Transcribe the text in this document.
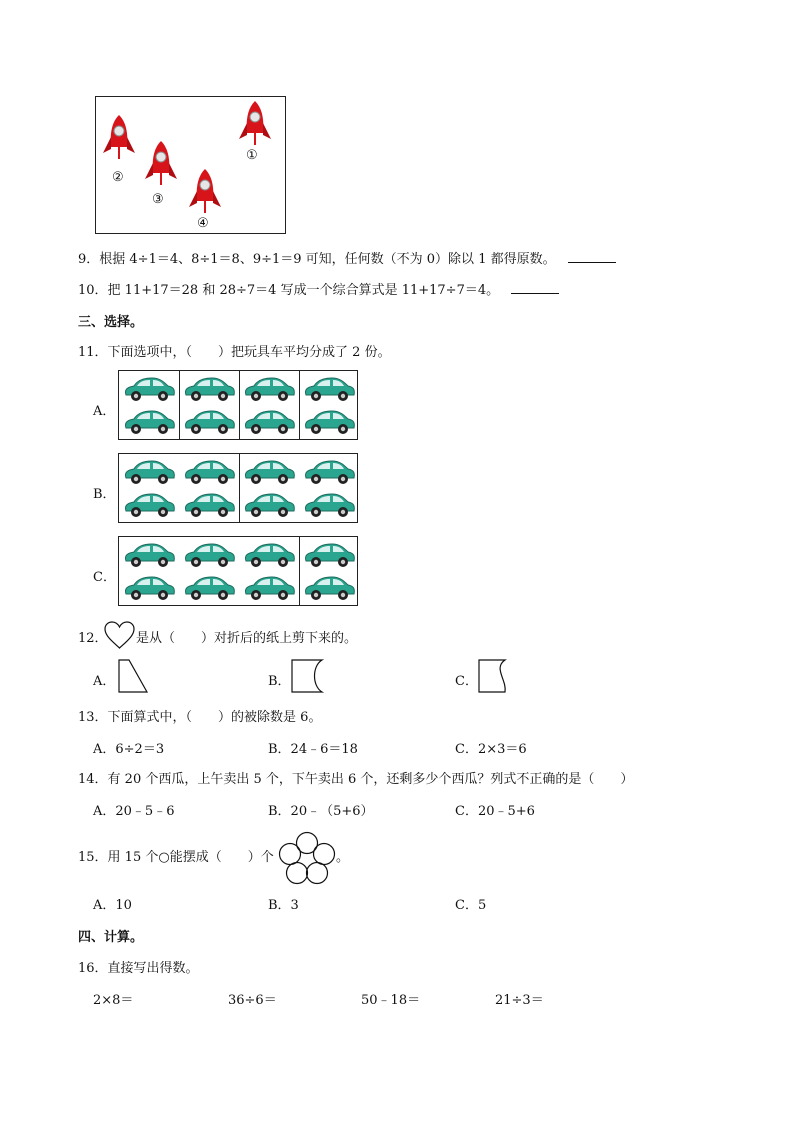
①
②
③
④
9．根据 4÷1＝4、8÷1＝8、9÷1＝9 可知，任何数（不为 0）除以 1 都得原数。
10．把 11+17＝28 和 28÷7＝4 写成一个综合算式是 11+17÷7＝4。
三、选择。
11．下面选项中，（　　）把玩具车平均分成了 2 份。
A．
B．
C．
12． 是从（　　）对折后的纸上剪下来的。
A．	B．	C．
13．下面算式中，（　　）的被除数是 6。
A．6÷2＝3	B．24﹣6＝18	C．2×3＝6
14．有 20 个西瓜，上午卖出 5 个，下午卖出 6 个，还剩多少个西瓜？列式不正确的是（　　）
A．20﹣5﹣6	B．20﹣（5+6）	C．20﹣5+6
15．用 15 个○能摆成（　　）个	。
A．10	B．3	C．5
四、计算。
16．直接写出得数。
2×8＝	36÷6＝	50﹣18＝	21÷3＝
